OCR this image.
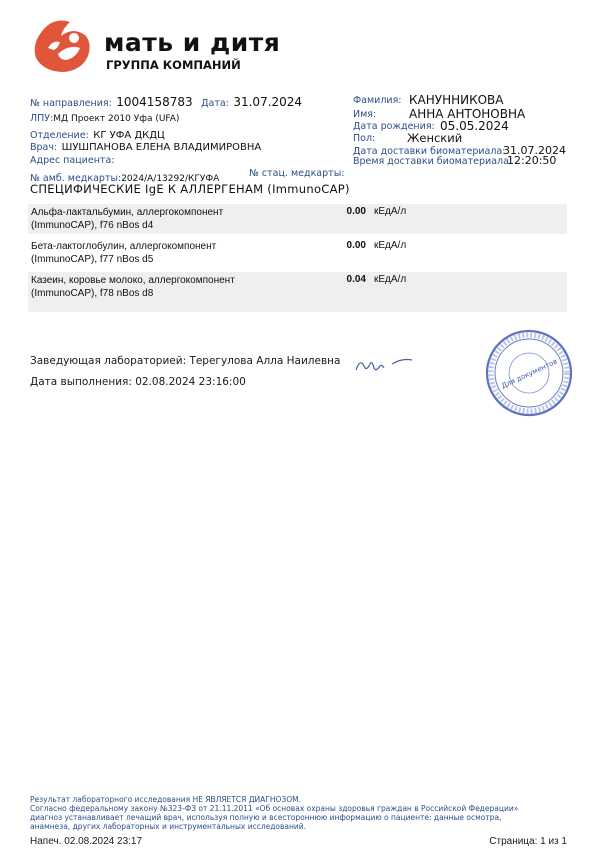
мать и дитя
ГРУППА КОМПАНИЙ
№ направления: 1004158783 Дата: 31.07.2024
ЛПУ:МД Проект 2010 Уфа (UFA)
Отделение: КГ УФА ДКДЦ
Врач: ШУШПАНОВА ЕЛЕНА ВЛАДИМИРОВНА
Адрес пациента:
Фамилия: КАНУННИКОВА
Имя:	АННА АНТОНОВНА
Дата рождения: 05.05.2024
Пол:	Женский
Дата доставки биоматериала:
31.07.2024
Время доставки биоматериала:
12:20:50
№ амб. медкарты:2024/A/13292/КГУФА	№ стац. медкарты:
СПЕЦИФИЧЕСКИЕ IgE К АЛЛЕРГЕНАМ (ImmunoCAP)
Альфа-лактальбумин, аллергокомпонент (ImmunoCAP), f76 nBos d4
0.00 кЕдА/л
Бета-лактоглобулин, аллергокомпонент (ImmunoCAP), f77 nBos d5
0.00 кЕдА/л
Казеин, коровье молоко, аллергокомпонент (ImmunoCAP), f78 nBos d8
0.04 кЕдА/л
Заведующая лабораторией: Терегулова Алла Наилевна
Дата выполнения: 02.08.2024 23:16:00	Для документов
Результат лабораторного исследования НЕ ЯВЛЯЕТСЯ ДИАГНОЗОМ.
Согласно федеральному закону №323-ФЗ от 21.11.2011 «Об основах охраны здоровья граждан в Российской Федерации»
диагноз устанавливает лечащий врач, используя полную и всестороннюю информацию о пациенте: данные осмотра,
анамнеза, других лабораторных и инструментальных исследований.
Напеч. 02.08.2024 23:17	Страница: 1 из 1
